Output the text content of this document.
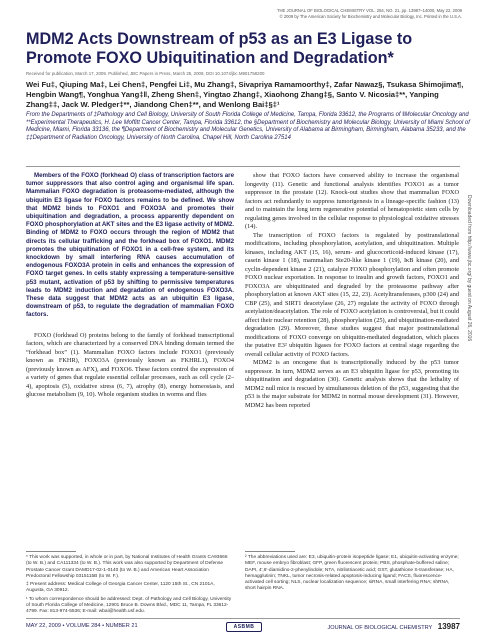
THE JOURNAL OF BIOLOGICAL CHEMISTRY VOL. 284, NO. 21, pp. 13987–14000, May 22, 2009
© 2009 by The American Society for Biochemistry and Molecular Biology, Inc. Printed in the U.S.A.
MDM2 Acts Downstream of p53 as an E3 Ligase to Promote FOXO Ubiquitination and Degradation*
Received for publication, March 17, 2009. Published, JBC Papers in Press, March 25, 2009, DOI 10.1074/jbc.M901758200
Wei Fu‡, Qiuping Ma‡, Lei Chen‡, Pengfei Li‡, Mu Zhang‡, Sivapriya Ramamoorthy‡, Zafar Nawaz§, Tsukasa Shimojima¶, Hengbin Wang¶, Yonghua Yang‡‖, Zheng Shen‡, Yingtao Zhang‡, Xiaohong Zhang‡§, Santo V. Nicosia‡**, Yanping Zhang‡‡, Jack W. Pledger‡**, Jiandong Chen‡**, and Wenlong Bai‡§‡¹
From the Departments of ‡Pathology and Cell Biology, University of South Florida College of Medicine, Tampa, Florida 33612, the Programs of ‖Molecular Oncology and **Experimental Therapeutics, H. Lee Moffitt Cancer Center, Tampa, Florida 33612, the §Department of Biochemistry and Molecular Biology, University of Miami School of Medicine, Miami, Florida 33136, the ¶Department of Biochemistry and Molecular Genetics, University of Alabama at Birmingham, Birmingham, Alabama 35233, and the ‡‡Department of Radiation Oncology, University of North Carolina, Chapel Hill, North Carolina 27514

Members of the FOXO (forkhead O) class of transcription factors are tumor suppressors that also control aging and organismal life span. Mammalian FOXO degradation is proteasome-mediated, although the ubiquitin E3 ligase for FOXO factors remains to be defined. We show that MDM2 binds to FOXO1 and FOXO3A and promotes their ubiquitination and degradation, a process apparently dependent on FOXO phosphorylation at AKT sites and the E3 ligase activity of MDM2. Binding of MDM2 to FOXO occurs through the region of MDM2 that directs its cellular trafficking and the forkhead box of FOXO1. MDM2 promotes the ubiquitination of FOXO1 in a cell-free system, and its knockdown by small interfering RNA causes accumulation of endogenous FOXO3A protein in cells and enhances the expression of FOXO target genes. In cells stably expressing a temperature-sensitive p53 mutant, activation of p53 by shifting to permissive temperatures leads to MDM2 induction and degradation of endogenous FOXO3A. These data suggest that MDM2 acts as an ubiquitin E3 ligase, downstream of p53, to regulate the degradation of mammalian FOXO factors.

FOXO (forkhead O) proteins belong to the family of forkhead transcriptional factors, which are characterized by a conserved DNA binding domain termed the “forkhead box” (1). Mammalian FOXO factors include FOXO1 (previously known as FKHR), FOXO3A (previously known as FKHRL1), FOXO4 (previously known as AFX), and FOXO6. These factors control the expression of a variety of genes that regulate essential cellular processes, such as cell cycle (2–4), apoptosis (5), oxidative stress (6, 7), atrophy (8), energy homeostasis, and glucose metabolism (9, 10). Whole organism studies in worms and flies

show that FOXO factors have conserved ability to increase the organismal longevity (11). Genetic and functional analysis identifies FOXO1 as a tumor suppressor in the prostate (12). Knock-out studies show that mammalian FOXO factors act redundantly to suppress tumorigenesis in a lineage-specific fashion (13) and to maintain the long term regenerative potential of hematopoietic stem cells by regulating genes involved in the cellular response to physiological oxidative stresses (14).

The transcription of FOXO factors is regulated by posttranslational modifications, including phosphorylation, acetylation, and ubiquitination. Multiple kinases, including AKT (15, 16), serum- and glucocorticoid-induced kinase (17), casein kinase 1 (18), mammalian Ste20-like kinase 1 (19), IκB kinase (20), and cyclin-dependent kinase 2 (21), catalyze FOXO phosphorylation and often promote FOXO nuclear exportation. In response to insulin and growth factors, FOXO1 and FOXO3A are ubiquitinated and degraded by the proteasome pathway after phosphorylation at known AKT sites (15, 22, 23). Acetyltransferases, p300 (24) and CBP (25), and SIRT1 deacetylase (26, 27) regulate the activity of FOXO through acetylation/deacetylation. The role of FOXO acetylation is controversial, but it could affect their nuclear retention (28), phosphorylation (25), and ubiquitination-mediated degradation (29). Moreover, these studies suggest that major posttranslational modifications of FOXO converge on ubiquitin-mediated degradation, which places the putative E3² ubiquitin ligases for FOXO factors at central stage regarding the overall cellular activity of FOXO factors.

MDM2 is an oncogene that is transcriptionally induced by the p53 tumor suppressor. In turn, MDM2 serves as an E3 ubiquitin ligase for p53, promoting its ubiquitination and degradation (30). Genetic analysis shows that the lethality of MDM2 null mice is rescued by simultaneous deletion of the p53, suggesting that the p53 is the major substrate for MDM2 in normal mouse development (31). However, MDM2 has been reported

* This work was supported, in whole or in part, by National Institutes of Health Grants CA93666 (to W. B.) and CA111334 (to W. B.). This work was also supported by Department of Defense Prostate Cancer Grant DAMD17-02-1-0140 (to W. B.) and American Heart Association Predoctoral Fellowship 0315115B (to W. F.).

‡ Present address: Medical College of Georgia Cancer Center, 1120 15th St., CN 2101A, Augusta, GA 30912.

¹ To whom correspondence should be addressed: Dept. of Pathology and Cell Biology, University of South Florida College of Medicine, 12901 Bruce B. Downs Blvd., MDC 11, Tampa, FL 33612-4799. Fax: 813-974-5536; E-mail: wbai@health.usf.edu.

² The abbreviations used are: E3, ubiquitin-protein isopeptide ligase; E1, ubiquitin-activating enzyme; MEF, mouse embryo fibroblast; GFP, green fluorescent protein; PBS, phosphate-buffered saline; DAPI, 4′,6′-diamidino-2-phenylindole; NTA, nitrilotriacetic acid; GST, glutathione S-transferase; HA, hemagglutinin; TNKL, tumor necrosis-related apoptosis-inducing ligand; FACS, fluorescence-activated cell sorting; NLS, nuclear localization sequence; siRNA, small interfering RNA; shRNA, short hairpin RNA.

Downloaded from http://www.jbc.org/ by guest on August 26, 2016
MAY 22, 2009 • VOLUME 284 • NUMBER 21	ASBMB	JOURNAL OF BIOLOGICAL CHEMISTRY 13987
